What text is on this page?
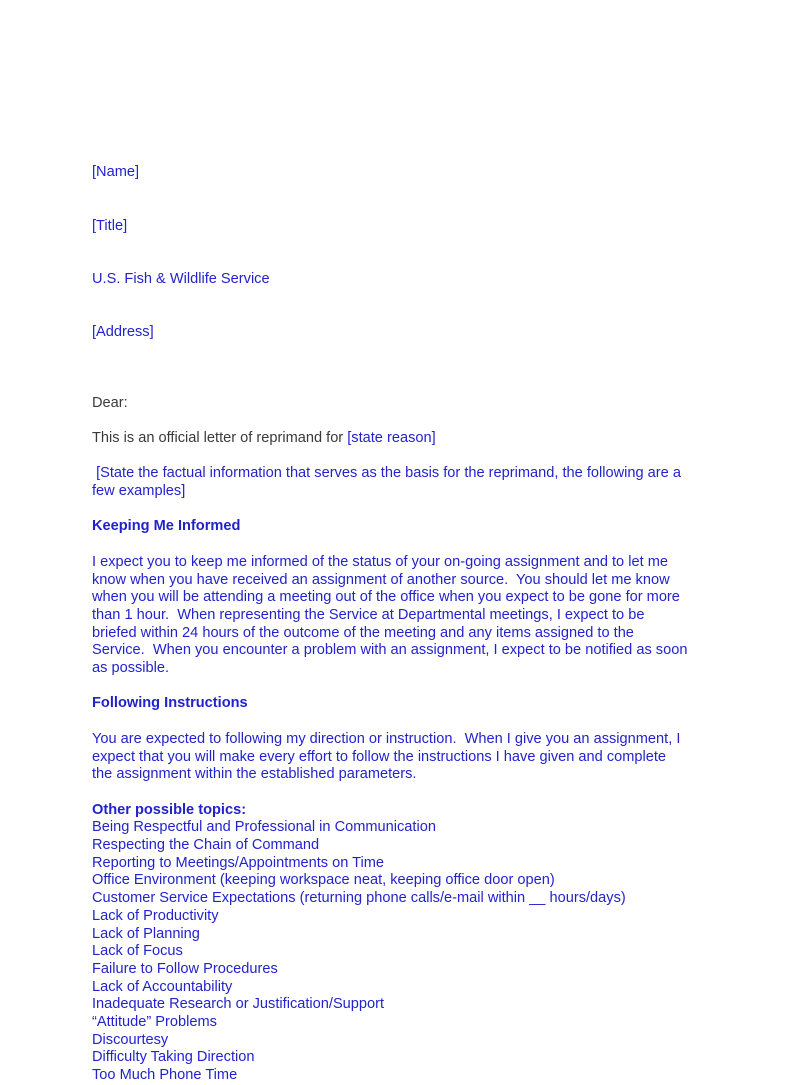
[Name]

[Title]

U.S. Fish & Wildlife Service

[Address]

Dear:
This is an official letter of reprimand for [state reason]
[State the factual information that serves as the basis for the reprimand, the following are a few examples]
Keeping Me Informed
I expect you to keep me informed of the status of your on-going assignment and to let me know when you have received an assignment of another source.  You should let me know when you will be attending a meeting out of the office when you expect to be gone for more than 1 hour.  When representing the Service at Departmental meetings, I expect to be briefed within 24 hours of the outcome of the meeting and any items assigned to the Service.  When you encounter a problem with an assignment, I expect to be notified as soon as possible.
Following Instructions
You are expected to following my direction or instruction.  When I give you an assignment, I expect that you will make every effort to follow the instructions I have given and complete the assignment within the established parameters.
Other possible topics:
Being Respectful and Professional in Communication
Respecting the Chain of Command
Reporting to Meetings/Appointments on Time
Office Environment (keeping workspace neat, keeping office door open)
Customer Service Expectations (returning phone calls/e-mail within __ hours/days)
Lack of Productivity
Lack of Planning
Lack of Focus
Failure to Follow Procedures
Lack of Accountability
Inadequate Research or Justification/Support
“Attitude” Problems
Discourtesy
Difficulty Taking Direction
Too Much Phone Time
